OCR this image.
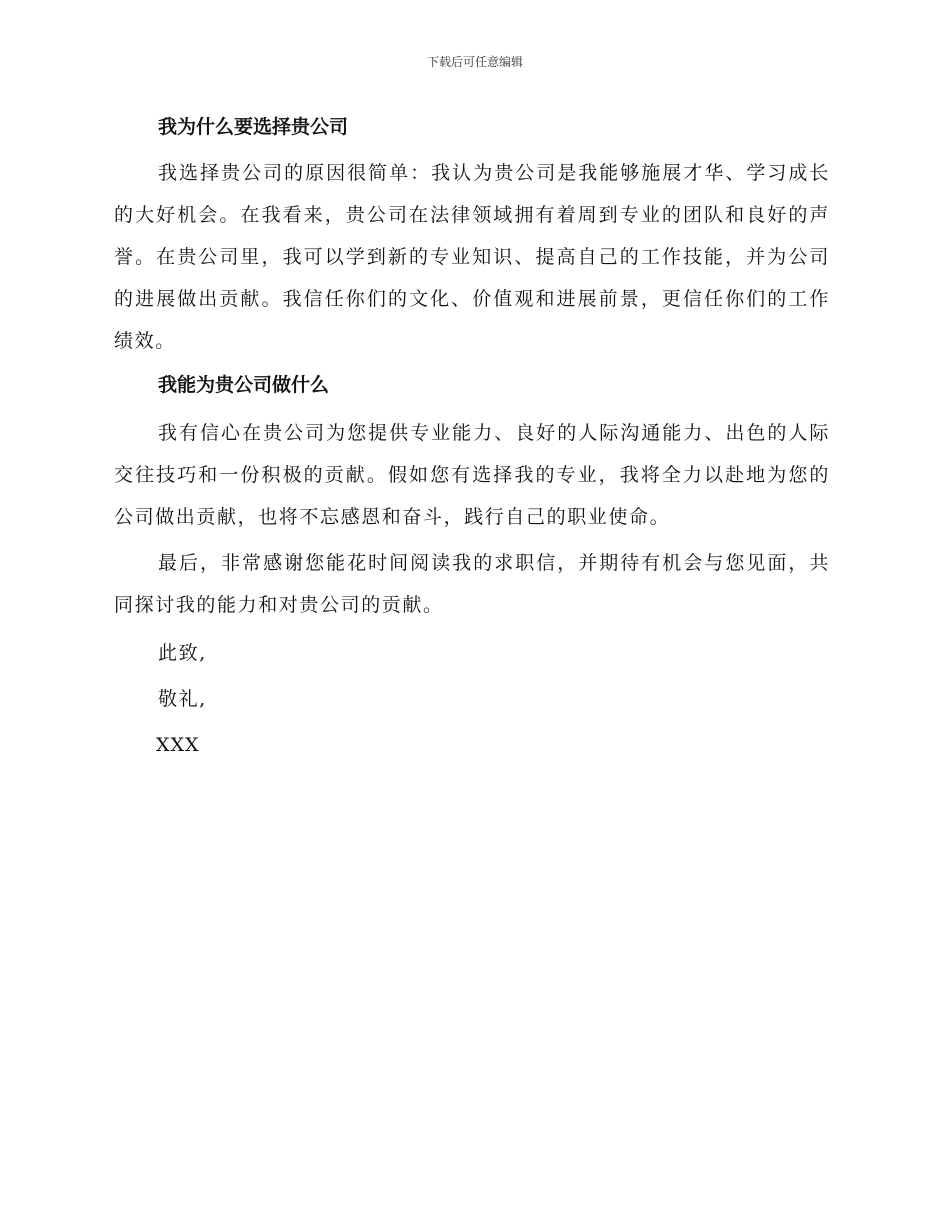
下载后可任意编辑
我为什么要选择贵公司

我选择贵公司的原因很简单：我认为贵公司是我能够施展才华、学习成长的大好机会。在我看来，贵公司在法律领域拥有着周到专业的团队和良好的声誉。在贵公司里，我可以学到新的专业知识、提高自己的工作技能，并为公司的进展做出贡献。我信任你们的文化、价值观和进展前景，更信任你们的工作绩效。

我能为贵公司做什么

我有信心在贵公司为您提供专业能力、良好的人际沟通能力、出色的人际交往技巧和一份积极的贡献。假如您有选择我的专业，我将全力以赴地为您的公司做出贡献，也将不忘感恩和奋斗，践行自己的职业使命。

最后，非常感谢您能花时间阅读我的求职信，并期待有机会与您见面，共同探讨我的能力和对贵公司的贡献。

此致,

敬礼,

XXX
